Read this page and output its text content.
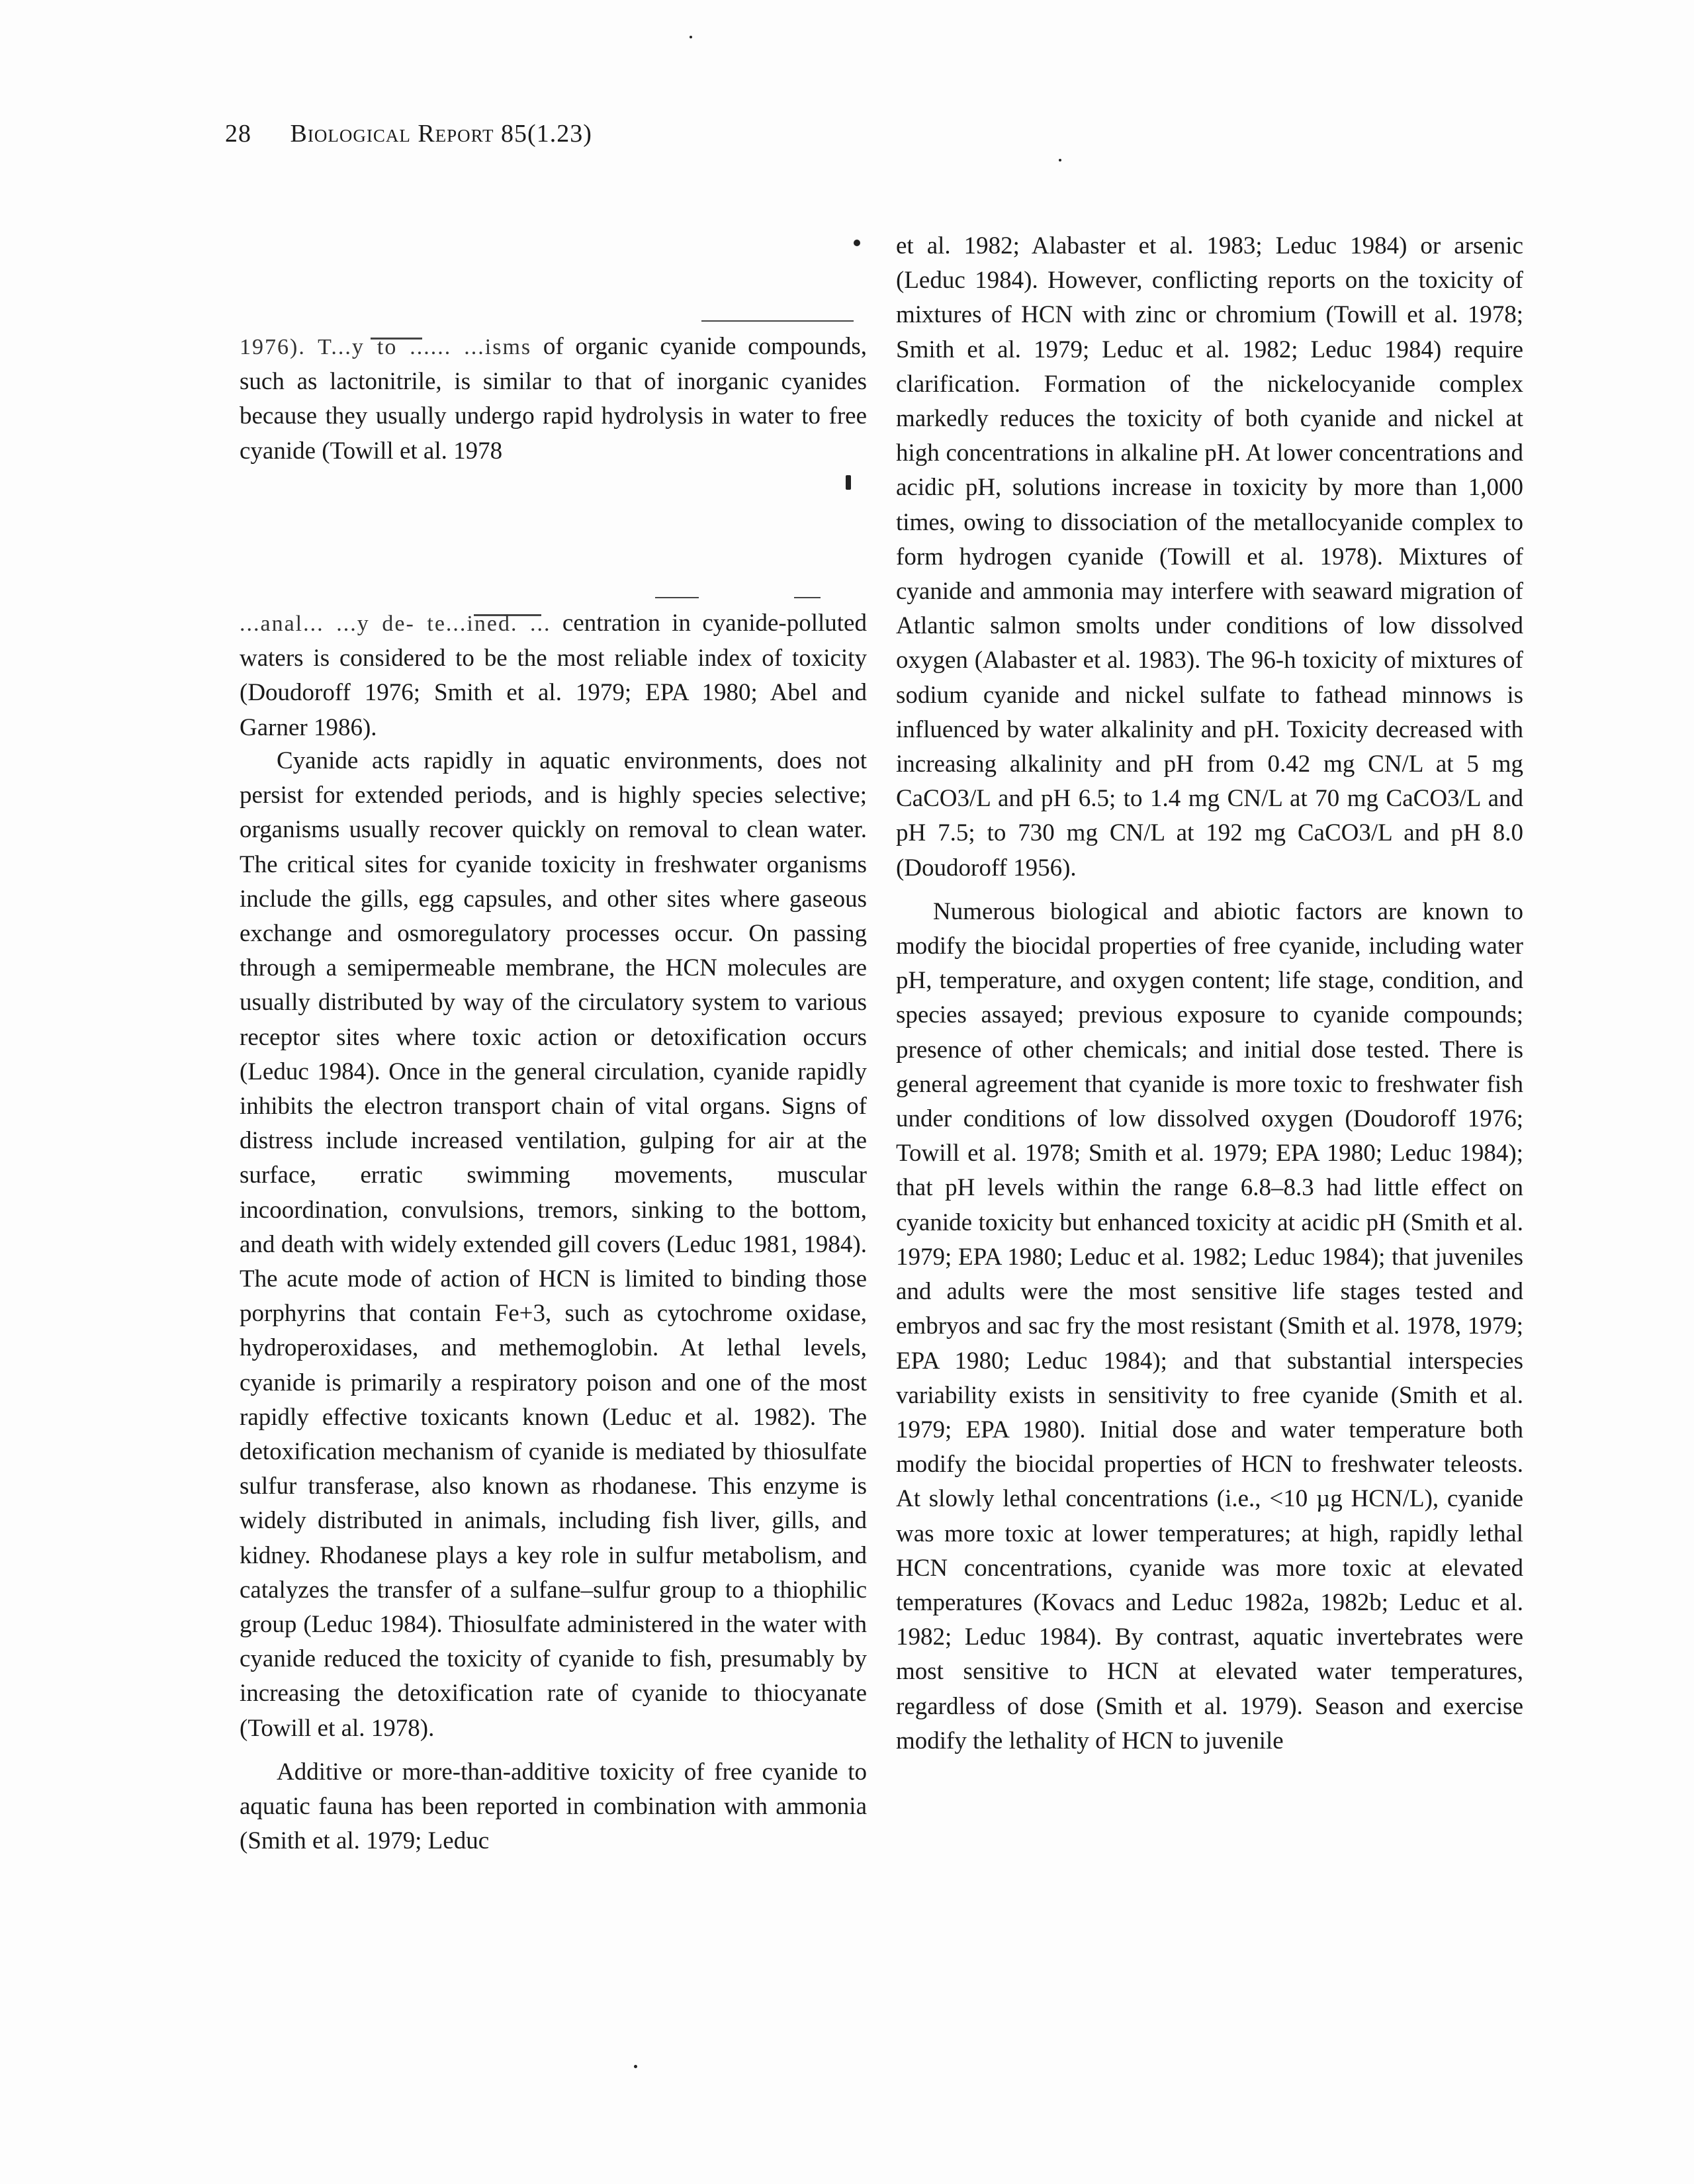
28 Biological Report 85(1.23)

1976). T...y to ...... ...isms of organic cyanide compounds, such as lactonitrile, is similar to that of inorganic cyanides because they usually undergo rapid hydrolysis in water to free cyanide (Towill et al. 1978

...anal... ...y de- te...ined. ... centration in cyanide-polluted waters is considered to be the most reliable index of toxicity (Doudoroff 1976; Smith et al. 1979; EPA 1980; Abel and Garner 1986).

Cyanide acts rapidly in aquatic environments, does not persist for extended periods, and is highly species selective; organisms usually recover quickly on removal to clean water. The critical sites for cyanide toxicity in freshwater organisms include the gills, egg capsules, and other sites where gaseous exchange and osmoregulatory processes occur. On passing through a semipermeable membrane, the HCN molecules are usually distributed by way of the circulatory system to various receptor sites where toxic action or detoxification occurs (Leduc 1984). Once in the general circulation, cyanide rapidly inhibits the electron transport chain of vital organs. Signs of distress include increased ventilation, gulping for air at the surface, erratic swimming movements, muscular incoordination, convulsions, tremors, sinking to the bottom, and death with widely extended gill covers (Leduc 1981, 1984). The acute mode of action of HCN is limited to binding those porphyrins that contain Fe+3, such as cytochrome oxidase, hydroperoxidases, and methemoglobin. At lethal levels, cyanide is primarily a respiratory poison and one of the most rapidly effective toxicants known (Leduc et al. 1982). The detoxification mechanism of cyanide is mediated by thiosulfate sulfur transferase, also known as rhodanese. This enzyme is widely distributed in animals, including fish liver, gills, and kidney. Rhodanese plays a key role in sulfur metabolism, and catalyzes the transfer of a sulfane–sulfur group to a thiophilic group (Leduc 1984). Thiosulfate administered in the water with cyanide reduced the toxicity of cyanide to fish, presumably by increasing the detoxification rate of cyanide to thiocyanate (Towill et al. 1978).

Additive or more-than-additive toxicity of free cyanide to aquatic fauna has been reported in combination with ammonia (Smith et al. 1979; Leduc

et al. 1982; Alabaster et al. 1983; Leduc 1984) or arsenic (Leduc 1984). However, conflicting reports on the toxicity of mixtures of HCN with zinc or chromium (Towill et al. 1978; Smith et al. 1979; Leduc et al. 1982; Leduc 1984) require clarification. Formation of the nickelocyanide complex markedly reduces the toxicity of both cyanide and nickel at high concentrations in alkaline pH. At lower concentrations and acidic pH, solutions increase in toxicity by more than 1,000 times, owing to dissociation of the metallocyanide complex to form hydrogen cyanide (Towill et al. 1978). Mixtures of cyanide and ammonia may interfere with seaward migration of Atlantic salmon smolts under conditions of low dissolved oxygen (Alabaster et al. 1983). The 96-h toxicity of mixtures of sodium cyanide and nickel sulfate to fathead minnows is influenced by water alkalinity and pH. Toxicity decreased with increasing alkalinity and pH from 0.42 mg CN/L at 5 mg CaCO3/L and pH 6.5; to 1.4 mg CN/L at 70 mg CaCO3/L and pH 7.5; to 730 mg CN/L at 192 mg CaCO3/L and pH 8.0 (Doudoroff 1956).

Numerous biological and abiotic factors are known to modify the biocidal properties of free cyanide, including water pH, temperature, and oxygen content; life stage, condition, and species assayed; previous exposure to cyanide compounds; presence of other chemicals; and initial dose tested. There is general agreement that cyanide is more toxic to freshwater fish under conditions of low dissolved oxygen (Doudoroff 1976; Towill et al. 1978; Smith et al. 1979; EPA 1980; Leduc 1984); that pH levels within the range 6.8–8.3 had little effect on cyanide toxicity but enhanced toxicity at acidic pH (Smith et al. 1979; EPA 1980; Leduc et al. 1982; Leduc 1984); that juveniles and adults were the most sensitive life stages tested and embryos and sac fry the most resistant (Smith et al. 1978, 1979; EPA 1980; Leduc 1984); and that substantial interspecies variability exists in sensitivity to free cyanide (Smith et al. 1979; EPA 1980). Initial dose and water temperature both modify the biocidal properties of HCN to freshwater teleosts. At slowly lethal concentrations (i.e., <10 µg HCN/L), cyanide was more toxic at lower temperatures; at high, rapidly lethal HCN concentrations, cyanide was more toxic at elevated temperatures (Kovacs and Leduc 1982a, 1982b; Leduc et al. 1982; Leduc 1984). By contrast, aquatic invertebrates were most sensitive to HCN at elevated water temperatures, regardless of dose (Smith et al. 1979). Season and exercise modify the lethality of HCN to juvenile
